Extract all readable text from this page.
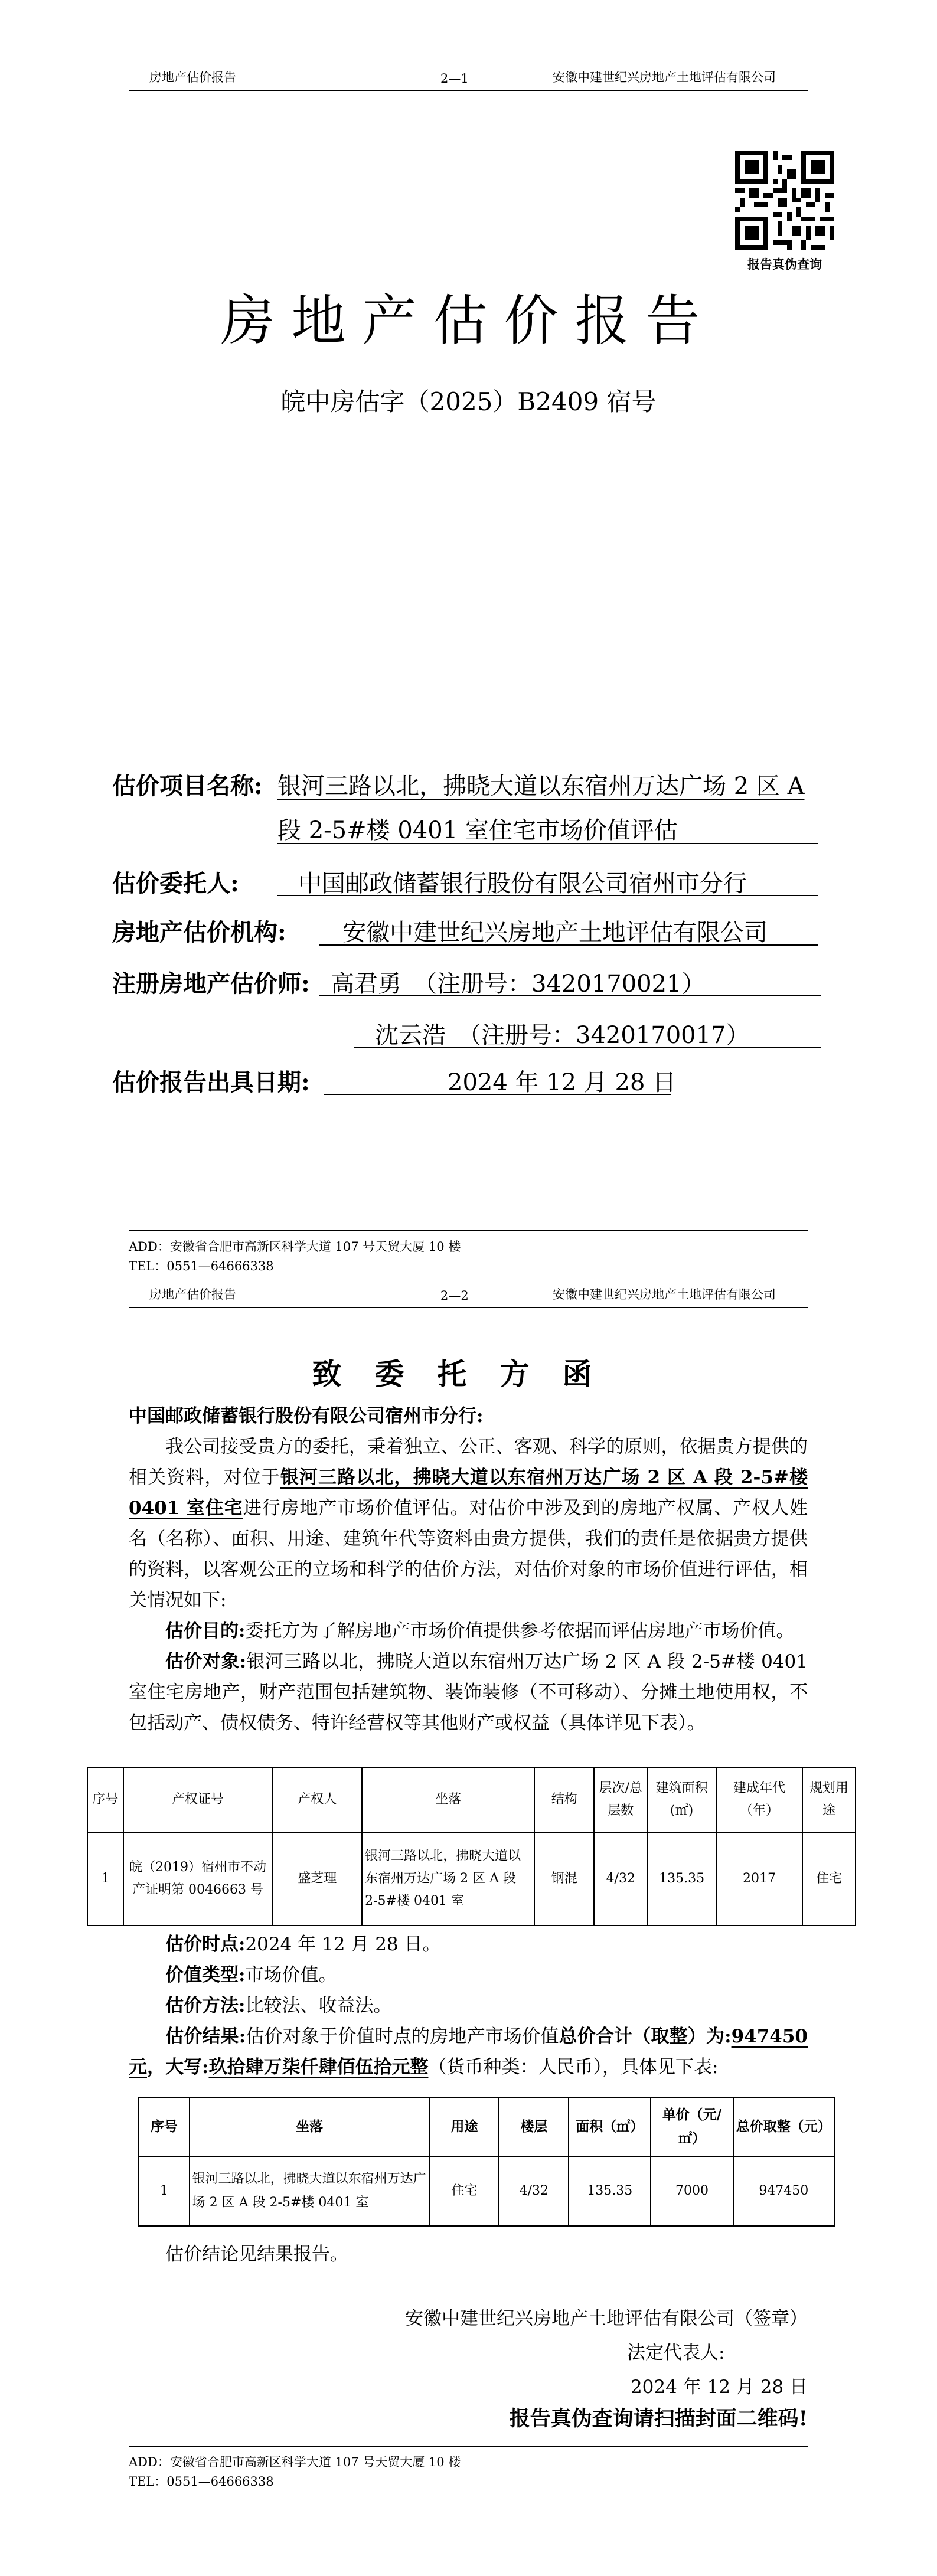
房地产估价报告	2—1	安徽中建世纪兴房地产土地评估有限公司
报告真伪查询
房地产估价报告
皖中房估字（2025）B2409 宿号
估价项目名称: 银河三路以北，拂晓大道以东宿州万达广场 2 区 A
段 2-5#楼 0401 室住宅市场价值评估
估价委托人:	中国邮政储蓄银行股份有限公司宿州市分行
房地产估价机构: 安徽中建世纪兴房地产土地评估有限公司
注册房地产估价师: 高君勇　（注册号：3420170021）
沈云浩　（注册号：3420170017）
估价报告出具日期:	2024 年 12 月 28 日
ADD：安徽省合肥市高新区科学大道 107 号天贸大厦 10 楼
TEL：0551—64666338
房地产估价报告	2—2	安徽中建世纪兴房地产土地评估有限公司
致委托方函

中国邮政储蓄银行股份有限公司宿州市分行:

我公司接受贵方的委托，秉着独立、公正、客观、科学的原则，依据贵方提供的相关资料，对位于银河三路以北，拂晓大道以东宿州万达广场 2 区 A 段 2-5#楼 0401 室住宅进行房地产市场价值评估。对估价中涉及到的房地产权属、产权人姓名（名称）、面积、用途、建筑年代等资料由贵方提供，我们的责任是依据贵方提供的资料，以客观公正的立场和科学的估价方法，对估价对象的市场价值进行评估，相关情况如下:

估价目的:委托方为了解房地产市场价值提供参考依据而评估房地产市场价值。

估价对象:银河三路以北，拂晓大道以东宿州万达广场 2 区 A 段 2-5#楼 0401 室住宅房地产，财产范围包括建筑物、装饰装修（不可移动）、分摊土地使用权，不包括动产、债权债务、特许经营权等其他财产或权益（具体详见下表）。

序号	产权证号	产权人	坐落	结构	层次/总层数	建筑面积(㎡)	建成年代（年）	规划用途
1	皖（2019）宿州市不动产证明第 0046663 号	盛芝理	银河三路以北，拂晓大道以东宿州万达广场 2 区 A 段 2-5#楼 0401 室	钢混	4/32	135.35	2017	住宅

估价时点:2024 年 12 月 28 日。

价值类型:市场价值。

估价方法:比较法、收益法。

估价结果:估价对象于价值时点的房地产市场价值总价合计（取整）为:947450 元，大写:玖拾肆万柒仟肆佰伍拾元整（货币种类：人民币），具体见下表:

序号	坐落	用途	楼层	面积（㎡）	单价（元/㎡）	总价取整（元）
1	银河三路以北，拂晓大道以东宿州万达广场 2 区 A 段 2-5#楼 0401 室	住宅	4/32	135.35	7000	947450
估价结论见结果报告。
安徽中建世纪兴房地产土地评估有限公司（签章）
法定代表人:
2024 年 12 月 28 日
报告真伪查询请扫描封面二维码!
ADD：安徽省合肥市高新区科学大道 107 号天贸大厦 10 楼
TEL：0551—64666338
